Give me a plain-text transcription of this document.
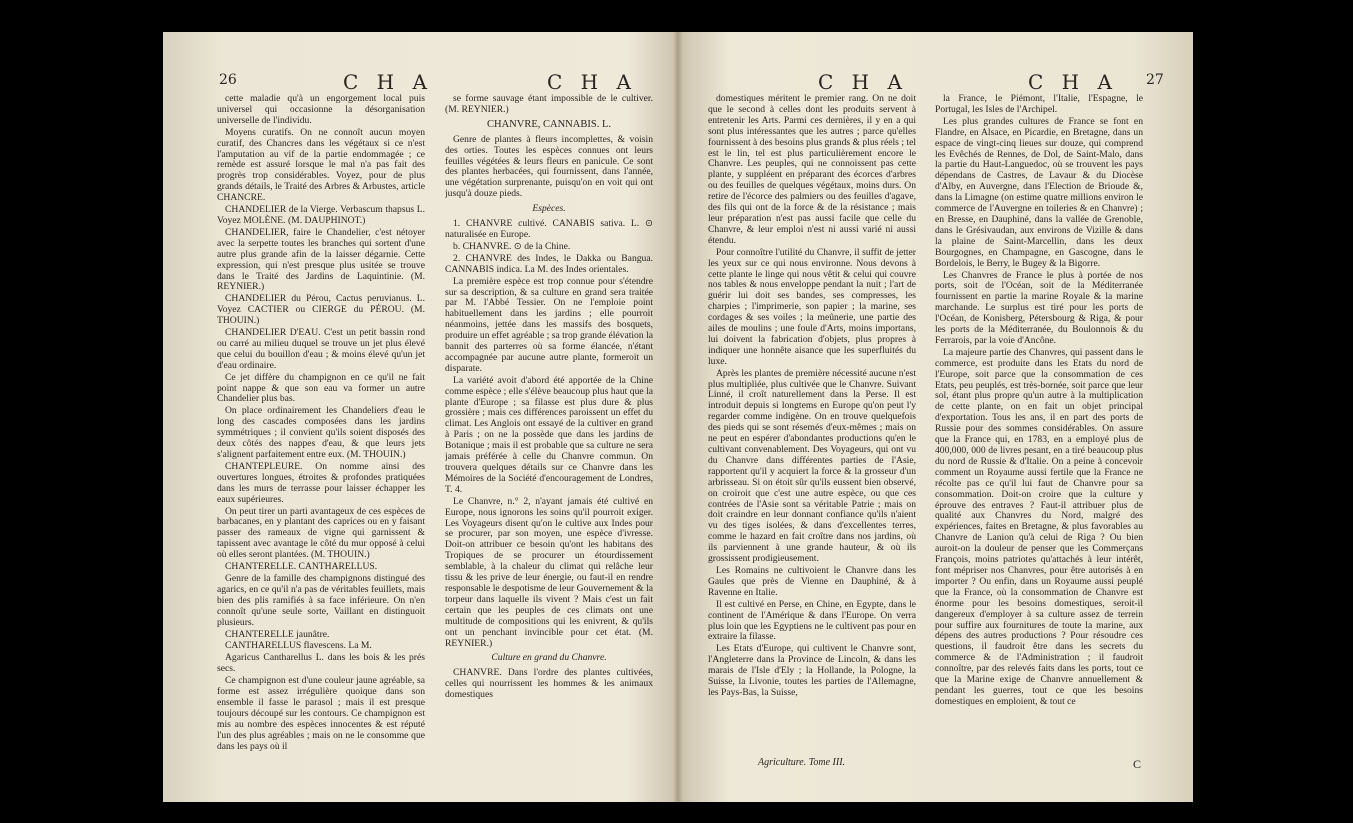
26	C H A	C H A

cette maladie qu'à un engorgement local puis universel qui occasionne la désorganisation universelle de l'individu.

Moyens curatifs. On ne connoît aucun moyen curatif, des Chancres dans les végétaux si ce n'est l'amputation au vif de la partie endommagée ; ce remède est assuré lorsque le mal n'a pas fait des progrès trop considérables. Voyez, pour de plus grands détails, le Traité des Arbres & Arbustes, article CHANCRE.

CHANDELIER de la Vierge. Verbascum thapsus L. Voyez MOLÈNE. (M. DAUPHINOT.)

CHANDELIER, faire le Chandelier, c'est nétoyer avec la serpette toutes les branches qui sortent d'une autre plus grande afin de la laisser dégarnie. Cette expression, qui n'est presque plus usitée se trouve dans le Traité des Jardins de Laquintinie. (M. REYNIER.)

CHANDELIER du Pérou, Cactus peruvianus. L. Voyez CACTIER ou CIERGE du PÉROU. (M. THOUIN.)

CHANDELIER D'EAU. C'est un petit bassin rond ou carré au milieu duquel se trouve un jet plus élevé que celui du bouillon d'eau ; & moins élevé qu'un jet d'eau ordinaire.

Ce jet diffère du champignon en ce qu'il ne fait point nappe & que son eau va former un autre Chandelier plus bas.

On place ordinairement les Chandeliers d'eau le long des cascades composées dans les jardins symmétriques ; il convient qu'ils soient disposés des deux côtés des nappes d'eau, & que leurs jets s'alignent parfaitement entre eux. (M. THOUIN.)

CHANTEPLEURE. On nomme ainsi des ouvertures longues, étroites & profondes pratiquées dans les murs de terrasse pour laisser échapper les eaux supérieures.

On peut tirer un parti avantageux de ces espèces de barbacanes, en y plantant des caprices ou en y faisant passer des rameaux de vigne qui garnissent & tapissent avec avantage le côté du mur opposé à celui où elles seront plantées. (M. THOUIN.)

CHANTERELLE. CANTHARELLUS.

Genre de la famille des champignons distingué des agarics, en ce qu'il n'a pas de véritables feuillets, mais bien des plis ramifiés à sa face inférieure. On n'en connoît qu'une seule sorte, Vaillant en distinguoit plusieurs.

CHANTERELLE jaunâtre.

CANTHARELLUS flavescens. La M.

Agaricus Cantharellus L. dans les bois & les prés secs.

Ce champignon est d'une couleur jaune agréable, sa forme est assez irrégulière quoique dans son ensemble il fasse le parasol ; mais il est presque toujours découpé sur les contours. Ce champignon est mis au nombre des espèces innocentes & est réputé l'un des plus agréables ; mais on ne le consomme que dans les pays où il

se forme sauvage étant impossible de le cultiver. (M. REYNIER.)

CHANVRE, CANNABIS. L.

Genre de plantes à fleurs incomplettes, & voisin des orties. Toutes les espèces connues ont leurs feuilles végétées & leurs fleurs en panicule. Ce sont des plantes herbacées, qui fournissent, dans l'année, une végétation surprenante, puisqu'on en voit qui ont jusqu'à douze pieds.

Espèces.

1. CHANVRE cultivé. CANABIS sativa. L. ⊙ naturalisée en Europe.

b. CHANVRE. ⊙ de la Chine.

2. CHANVRE des Indes, le Dakka ou Bangua. CANNABIS indica. La M. des Indes orientales.

La première espèce est trop connue pour s'étendre sur sa description, & sa culture en grand sera traitée par M. l'Abbé Tessier. On ne l'emploie point habituellement dans les jardins ; elle pourroit néanmoins, jettée dans les massifs des bosquets, produire un effet agréable ; sa trop grande élévation la bannit des parterres où sa forme élancée, n'étant accompagnée par aucune autre plante, formeroit un disparate.

La variété avoit d'abord été apportée de la Chine comme espèce ; elle s'élève beaucoup plus haut que la plante d'Europe ; sa filasse est plus dure & plus grossière ; mais ces différences paroissent un effet du climat. Les Anglois ont essayé de la cultiver en grand à Paris ; on ne la possède que dans les jardins de Botanique ; mais il est probable que sa culture ne sera jamais préférée à celle du Chanvre commun. On trouvera quelques détails sur ce Chanvre dans les Mémoires de la Société d'encouragement de Londres, T. 4.

Le Chanvre, n.° 2, n'ayant jamais été cultivé en Europe, nous ignorons les soins qu'il pourroit exiger. Les Voyageurs disent qu'on le cultive aux Indes pour se procurer, par son moyen, une espèce d'ivresse. Doit-on attribuer ce besoin qu'ont les habitans des Tropiques de se procurer un étourdissement semblable, à la chaleur du climat qui relâche leur tissu & les prive de leur énergie, ou faut-il en rendre responsable le despotisme de leur Gouvernement & la torpeur dans laquelle ils vivent ? Mais c'est un fait certain que les peuples de ces climats ont une multitude de compositions qui les enivrent, & qu'ils ont un penchant invincible pour cet état. (M. REYNIER.)

Culture en grand du Chanvre.

CHANVRE. Dans l'ordre des plantes cultivées, celles qui nourrissent les hommes & les animaux domestiques

C H A	C H A 27

domestiques méritent le premier rang. On ne doit que le second à celles dont les produits servent à entretenir les Arts. Parmi ces dernières, il y en a qui sont plus intéressantes que les autres ; parce qu'elles fournissent à des besoins plus grands & plus réels ; tel est le lin, tel est plus particulièrement encore le Chanvre. Les peuples, qui ne connoissent pas cette plante, y suppléent en préparant des écorces d'arbres ou des feuilles de quelques végétaux, moins durs. On retire de l'écorce des palmiers ou des feuilles d'agave, des fils qui ont de la force & de la résistance ; mais leur préparation n'est pas aussi facile que celle du Chanvre, & leur emploi n'est ni aussi varié ni aussi étendu.

Pour connoître l'utilité du Chanvre, il suffit de jetter les yeux sur ce qui nous environne. Nous devons à cette plante le linge qui nous vêtit & celui qui couvre nos tables & nous enveloppe pendant la nuit ; l'art de guérir lui doit ses bandes, ses compresses, les charpies ; l'imprimerie, son papier ; la marine, ses cordages & ses voiles ; la meûnerie, une partie des ailes de moulins ; une foule d'Arts, moins importans, lui doivent la fabrication d'objets, plus propres à indiquer une honnête aisance que les superfluités du luxe.

Après les plantes de première nécessité aucune n'est plus multipliée, plus cultivée que le Chanvre. Suivant Linné, il croît naturellement dans la Perse. Il est introduit depuis si longtems en Europe qu'on peut l'y regarder comme indigène. On en trouve quelquefois des pieds qui se sont résemés d'eux-mêmes ; mais on ne peut en espérer d'abondantes productions qu'en le cultivant convenablement. Des Voyageurs, qui ont vu du Chanvre dans différentes parties de l'Asie, rapportent qu'il y acquiert la force & la grosseur d'un arbrisseau. Si on étoit sûr qu'ils eussent bien observé, on croiroit que c'est une autre espèce, ou que ces contrées de l'Asie sont sa véritable Patrie ; mais on doit craindre en leur donnant confiance qu'ils n'aient vu des tiges isolées, & dans d'excellentes terres, comme le hazard en fait croître dans nos jardins, où ils parviennent à une grande hauteur, & où ils grossissent prodigieusement.

Les Romains ne cultivoient le Chanvre dans les Gaules que près de Vienne en Dauphiné, & à Ravenne en Italie.

Il est cultivé en Perse, en Chine, en Egypte, dans le continent de l'Amérique & dans l'Europe. On verra plus loin que les Egyptiens ne le cultivent pas pour en extraire la filasse.

Les Etats d'Europe, qui cultivent le Chanvre sont, l'Angleterre dans la Province de Lincoln, & dans les marais de l'Isle d'Ely ; la Hollande, la Pologne, la Suisse, la Livonie, toutes les parties de l'Allemagne, les Pays-Bas, la Suisse,

Agriculture. Tome III.

la France, le Piémont, l'Italie, l'Espagne, le Portugal, les Isles de l'Archipel.

Les plus grandes cultures de France se font en Flandre, en Alsace, en Picardie, en Bretagne, dans un espace de vingt-cinq lieues sur douze, qui comprend les Evêchés de Rennes, de Dol, de Saint-Malo, dans la partie du Haut-Languedoc, où se trouvent les pays dépendans de Castres, de Lavaur & du Diocèse d'Alby, en Auvergne, dans l'Election de Brioude &, dans la Limagne (on estime quatre millions environ le commerce de l'Auvergne en toileries & en Chanvre) ; en Bresse, en Dauphiné, dans la vallée de Grenoble, dans le Grésivaudan, aux environs de Vizille & dans la plaine de Saint-Marcellin, dans les deux Bourgognes, en Champagne, en Gascogne, dans le Bordelois, le Berry, le Bugey & la Bigorre.

Les Chanvres de France le plus à portée de nos ports, soit de l'Océan, soit de la Méditerranée fournissent en partie la marine Royale & la marine marchande. Le surplus est tiré pour les ports de l'Océan, de Konisberg, Pétersbourg & Riga, & pour les ports de la Méditerranée, du Boulonnois & du Ferrarois, par la voie d'Ancône.

La majeure partie des Chanvres, qui passent dans le commerce, est produite dans les Etats du nord de l'Europe, soit parce que la consommation de ces Etats, peu peuplés, est très-bornée, soit parce que leur sol, étant plus propre qu'un autre à la multiplication de cette plante, on en fait un objet principal d'exportation. Tous les ans, il en part des ports de Russie pour des sommes considérables. On assure que la France qui, en 1783, en a employé plus de 400,000, 000 de livres pesant, en a tiré beaucoup plus du nord de Russie & d'Italie. On a peine à concevoir comment un Royaume aussi fertile que la France ne récolte pas ce qu'il lui faut de Chanvre pour sa consommation. Doit-on croire que la culture y éprouve des entraves ? Faut-il attribuer plus de qualité aux Chanvres du Nord, malgré des expériences, faites en Bretagne, & plus favorables au Chanvre de Lanion qu'à celui de Riga ? Ou bien auroit-on la douleur de penser que les Commerçans François, moins patriotes qu'attachés à leur intérêt, font mépriser nos Chanvres, pour être autorisés à en importer ? Ou enfin, dans un Royaume aussi peuplé que la France, où la consommation de Chanvre est énorme pour les besoins domestiques, seroit-il dangereux d'employer à sa culture assez de terrein pour suffire aux fournitures de toute la marine, aux dépens des autres productions ? Pour résoudre ces questions, il faudroit être dans les secrets du commerce & de l'Administration ; il faudroit connoître, par des relevés faits dans les ports, tout ce que la Marine exige de Chanvre annuellement & pendant les guerres, tout ce que les besoins domestiques en emploient, & tout ce

C
